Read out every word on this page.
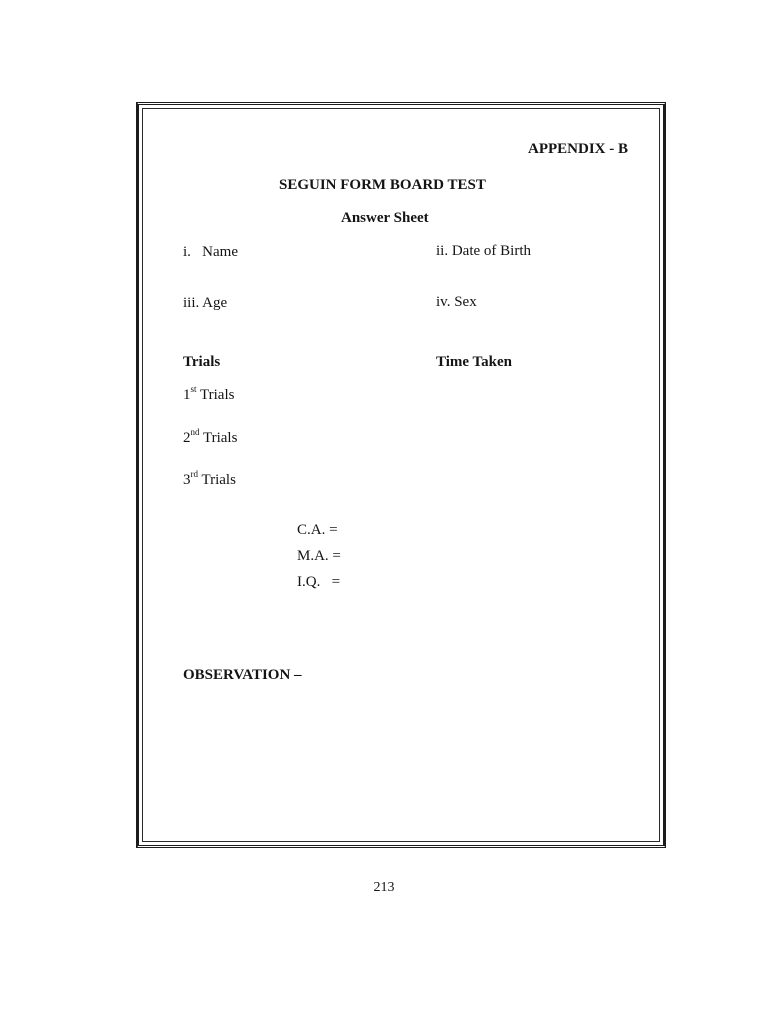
APPENDIX - B
SEGUIN FORM BOARD TEST
Answer Sheet
i.   Name	ii. Date of Birth
iii. Age	iv. Sex
Trials	Time Taken
1st Trials
2nd Trials
3rd Trials
C.A. =
M.A. =
I.Q.   =
OBSERVATION –
213
